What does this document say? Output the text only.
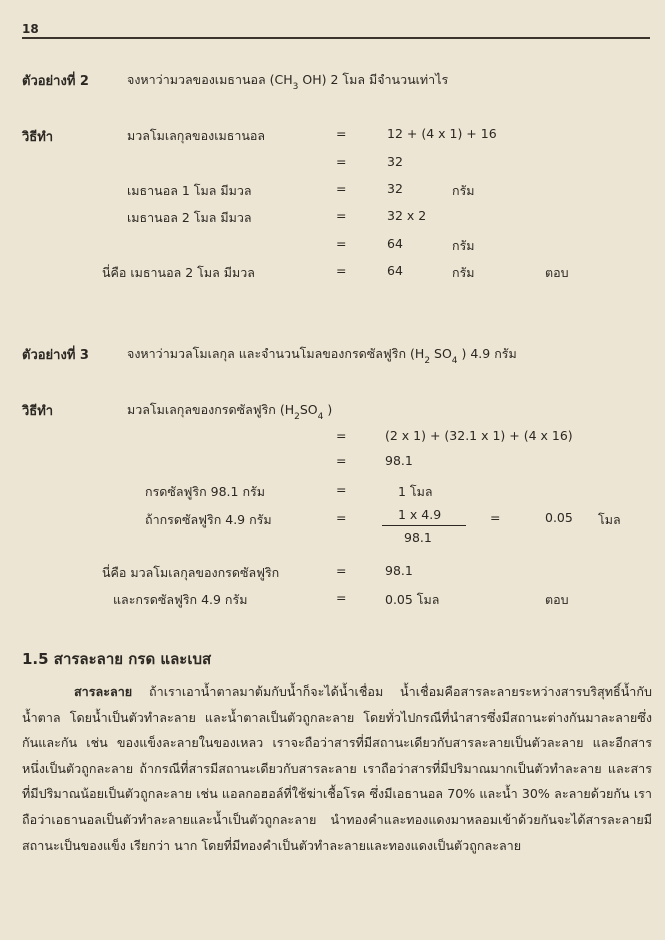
18
ตัวอย่างที่ 2	จงหาว่ามวลของเมธานอล ($CH_3$ OH) 2 โมล มีจำนวนเท่าไร
วิธีทำ	มวลโมเลกุลของเมธานอล	=	12 + (4 x 1) + 16
=	32
เมธานอล 1 โมล มีมวล	=	32	กรัม
เมธานอล 2 โมล มีมวล	=	32 x 2
=	64	กรัม
นี่คือ เมธานอล 2 โมล มีมวล	=	64	กรัม	ตอบ
ตัวอย่างที่ 3	จงหาว่ามวลโมเลกุล และจำนวนโมลของกรดซัลฟูริก ($H_2$ $SO_4$ ) 4.9 กรัม
วิธีทำ	มวลโมเลกุลของกรดซัลฟูริก ($H_2SO_4$ )
=	(2 x 1) + (32.1 x 1) + (4 x 16)
=	98.1
กรดซัลฟูริก 98.1 กรัม	=	1 โมล
ถ้ากรดซัลฟูริก 4.9 กรัม	=	1 x 4.9
98.1
=	0.05 โมล
นี่คือ มวลโมเลกุลของกรดซัลฟูริก	=	98.1
และกรดซัลฟูริก 4.9 กรัม	=	0.05 โมล	ตอบ
1.5 สารละลาย กรด และเบส

สารละลาย ถ้าเราเอาน้ำตาลมาต้มกับน้ำก็จะได้น้ำเชื่อม น้ำเชื่อมคือสารละลายระหว่างสารบริสุทธิ์น้ำกับน้ำตาล โดยน้ำเป็นตัวทำละลาย และน้ำตาลเป็นตัวถูกละลาย โดยทั่วไปกรณีที่นำสารซึ่งมีสถานะต่างกันมาละลายซึ่งกันและกัน เช่น ของแข็งละลายในของเหลว เราจะถือว่าสารที่มีสถานะเดียวกับสารละลายเป็นตัวละลาย และอีกสารหนึ่งเป็นตัวถูกละลาย ถ้ากรณีที่สารมีสถานะเดียวกับสารละลาย เราถือว่าสารที่มีปริมาณมากเป็นตัวทำละลาย และสารที่มีปริมาณน้อยเป็นตัวถูกละลาย เช่น แอลกอฮอล์ที่ใช้ฆ่าเชื้อโรค ซึ่งมีเอธานอล 70% และน้ำ 30% ละลายด้วยกัน เราถือว่าเอธานอลเป็นตัวทำละลายและน้ำเป็นตัวถูกละลาย นำทองคำและทองแดงมาหลอมเข้าด้วยกันจะได้สารละลายมีสถานะเป็นของแข็ง เรียกว่า นาก โดยที่มีทองคำเป็นตัวทำละลายและทองแดงเป็นตัวถูกละลาย
